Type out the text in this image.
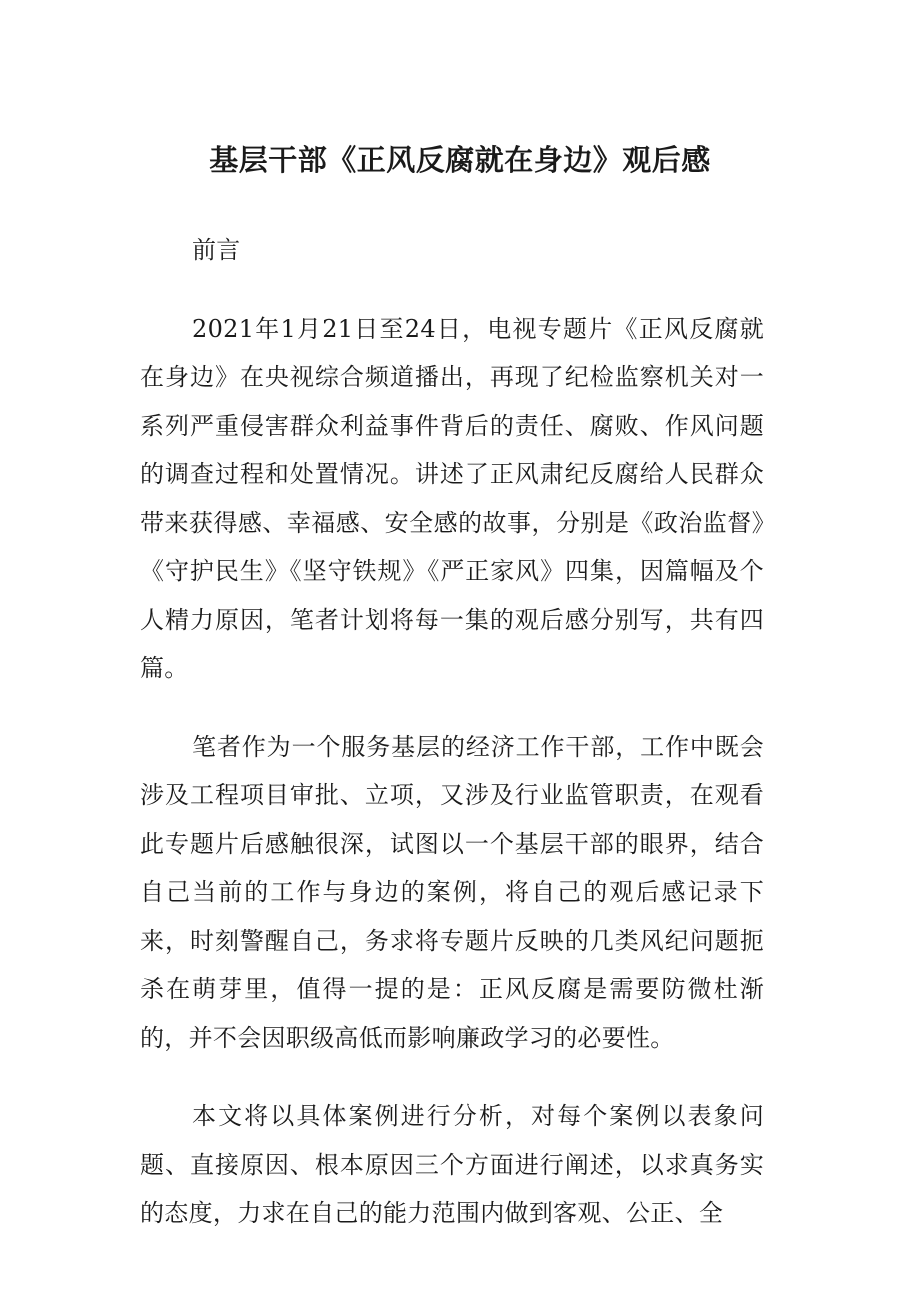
基层干部《正风反腐就在身边》观后感

前言

2021年1月21日至24日，电视专题片《正风反腐就在身边》在央视综合频道播出，再现了纪检监察机关对一系列严重侵害群众利益事件背后的责任、腐败、作风问题的调查过程和处置情况。讲述了正风肃纪反腐给人民群众带来获得感、幸福感、安全感的故事，分别是《政治监督》《守护民生》《坚守铁规》《严正家风》四集，因篇幅及个人精力原因，笔者计划将每一集的观后感分别写，共有四篇。

笔者作为一个服务基层的经济工作干部，工作中既会涉及工程项目审批、立项，又涉及行业监管职责，在观看此专题片后感触很深，试图以一个基层干部的眼界，结合自己当前的工作与身边的案例，将自己的观后感记录下来，时刻警醒自己，务求将专题片反映的几类风纪问题扼杀在萌芽里，值得一提的是：正风反腐是需要防微杜渐的，并不会因职级高低而影响廉政学习的必要性。

本文将以具体案例进行分析，对每个案例以表象问题、直接原因、根本原因三个方面进行阐述，以求真务实的态度，力求在自己的能力范围内做到客观、公正、全
